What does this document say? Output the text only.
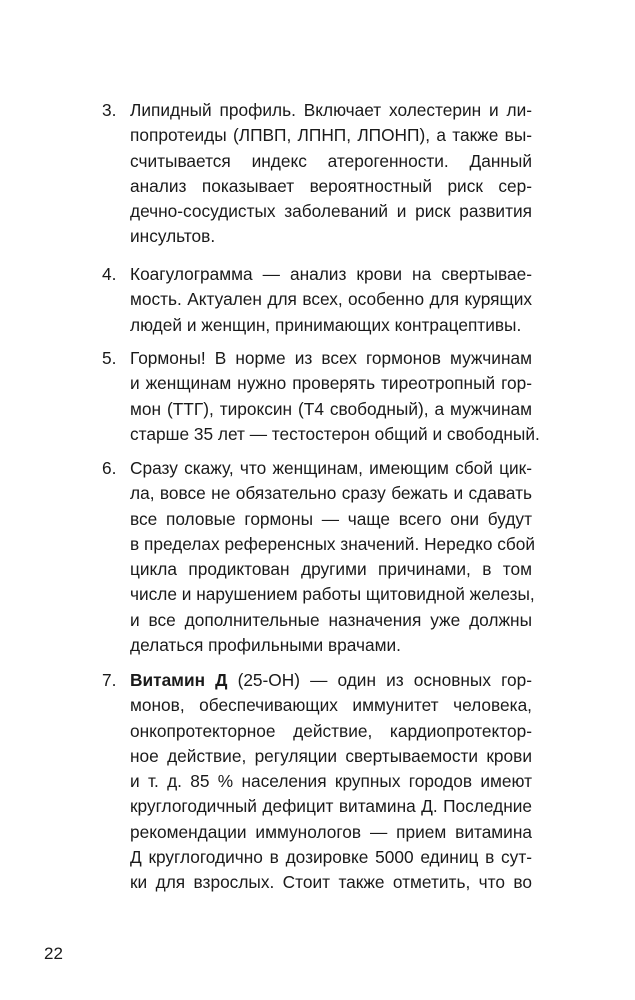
3. Липидный профиль. Включает холестерин и ли-
попротеиды (ЛПВП, ЛПНП, ЛПОНП), а также вы-
считывается индекс атерогенности. Данный
анализ показывает вероятностный риск сер-
дечно-сосудистых заболеваний и риск развития
инсультов.
4. Коагулограмма — анализ крови на свертывае-
мость. Актуален для всех, особенно для курящих
людей и женщин, принимающих контрацептивы.
5. Гормоны! В норме из всех гормонов мужчинам
и женщинам нужно проверять тиреотропный гор-
мон (ТТГ), тироксин (Т4 свободный), а мужчинам
старше 35 лет — тестостерон общий и свободный.
6. Сразу скажу, что женщинам, имеющим сбой цик-
ла, вовсе не обязательно сразу бежать и сдавать
все половые гормоны — чаще всего они будут
в пределах референсных значений. Нередко сбой
цикла продиктован другими причинами, в том
числе и нарушением работы щитовидной железы,
и все дополнительные назначения уже должны
делаться профильными врачами.
7. Витамин Д (25-ОН) — один из основных гор-
монов, обеспечивающих иммунитет человека,
онкопротекторное действие, кардиопротектор-
ное действие, регуляции свертываемости крови
и т. д. 85 % населения крупных городов имеют
круглогодичный дефицит витамина Д. Последние
рекомендации иммунологов — прием витамина
Д круглогодично в дозировке 5000 единиц в сут-
ки для взрослых. Стоит также отметить, что во
22
